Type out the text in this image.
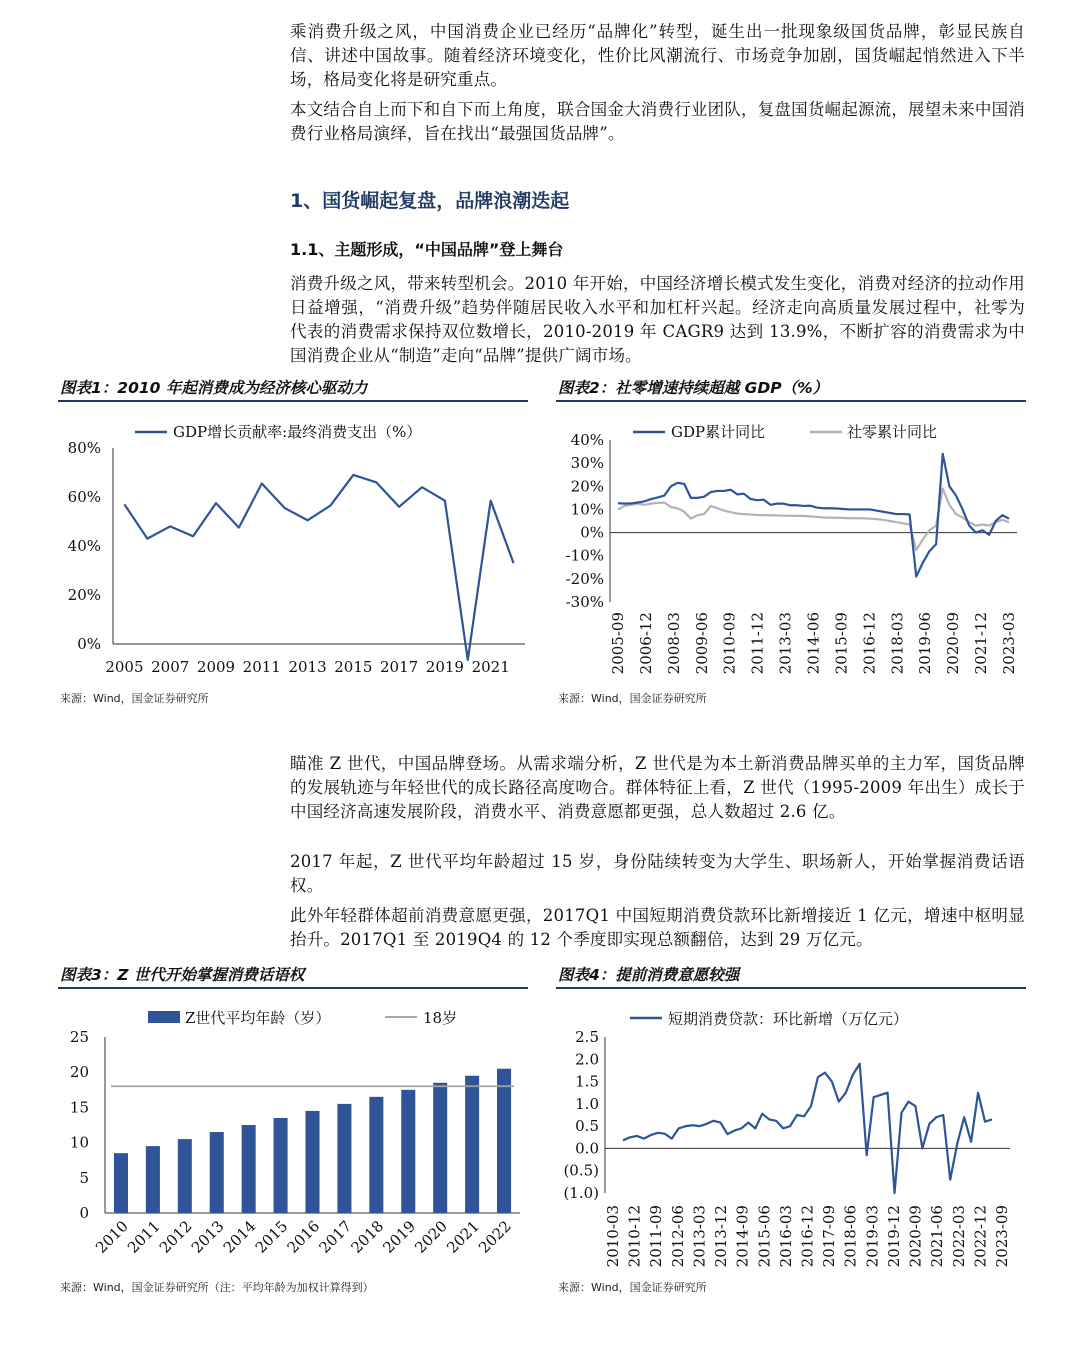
乘消费升级之风，中国消费企业已经历“品牌化”转型，诞生出一批现象级国货品牌，彰显民族自信、讲述中国故事。随着经济环境变化，性价比风潮流行、市场竞争加剧，国货崛起悄然进入下半场，格局变化将是研究重点。

本文结合自上而下和自下而上角度，联合国金大消费行业团队，复盘国货崛起源流，展望未来中国消费行业格局演绎，旨在找出“最强国货品牌”。

1、国货崛起复盘，品牌浪潮迭起
1.1、主题形成，“中国品牌”登上舞台

消费升级之风，带来转型机会。2010 年开始，中国经济增长模式发生变化，消费对经济的拉动作用日益增强，“消费升级”趋势伴随居民收入水平和加杠杆兴起。经济走向高质量发展过程中，社零为代表的消费需求保持双位数增长，2010-2019 年 CAGR9 达到 13.9%，不断扩容的消费需求为中国消费企业从“制造”走向“品牌”提供广阔市场。

图表1：2010 年起消费成为经济核心驱动力
0%
20%
40%
60%
80%
2005 2007 2009 2011 2013 2015 2017 2019 2021
GDP增长贡献率:最终消费支出（%）
来源：Wind，国金证券研究所
图表2：社零增速持续超越 GDP（%）
-30%
-20%
-10%
0%
10%
20%
30%
40%
2005-09 2006-12 2008-03 2009-06 2010-09 2011-12 2013-03 2014-06 2015-09 2016-12 2018-03 2019-06 2020-09 2021-12 2023-03
GDP累计同比	社零累计同比
来源：Wind，国金证券研究所

瞄准 Z 世代，中国品牌登场。从需求端分析，Z 世代是为本土新消费品牌买单的主力军，国货品牌的发展轨迹与年轻世代的成长路径高度吻合。群体特征上看，Z 世代（1995-2009 年出生）成长于中国经济高速发展阶段，消费水平、消费意愿都更强，总人数超过 2.6 亿。

2017 年起，Z 世代平均年龄超过 15 岁，身份陆续转变为大学生、职场新人，开始掌握消费话语权。

此外年轻群体超前消费意愿更强，2017Q1 中国短期消费贷款环比新增接近 1 亿元，增速中枢明显抬升。2017Q1 至 2019Q4 的 12 个季度即实现总额翻倍，达到 29 万亿元。

图表3：Z 世代开始掌握消费话语权
0
5
10
15
20
25
2010
2011
2012
2013
2014
2015
2016
2017
2018
2019
2020
2021
2022
Z世代平均年龄（岁）	18岁
来源：Wind，国金证券研究所（注：平均年龄为加权计算得到）
图表4：提前消费意愿较强
(1.0)
(0.5)
0.0
0.5
1.0
1.5
2.0
2.5
2010-03 2010-12 2011-09 2012-06 2013-03 2013-12 2014-09 2015-06 2016-03 2016-12 2017-09 2018-06 2019-03 2019-12 2020-09 2021-06 2022-03 2022-12 2023-09
短期消费贷款：环比新增（万亿元）
来源：Wind，国金证券研究所
